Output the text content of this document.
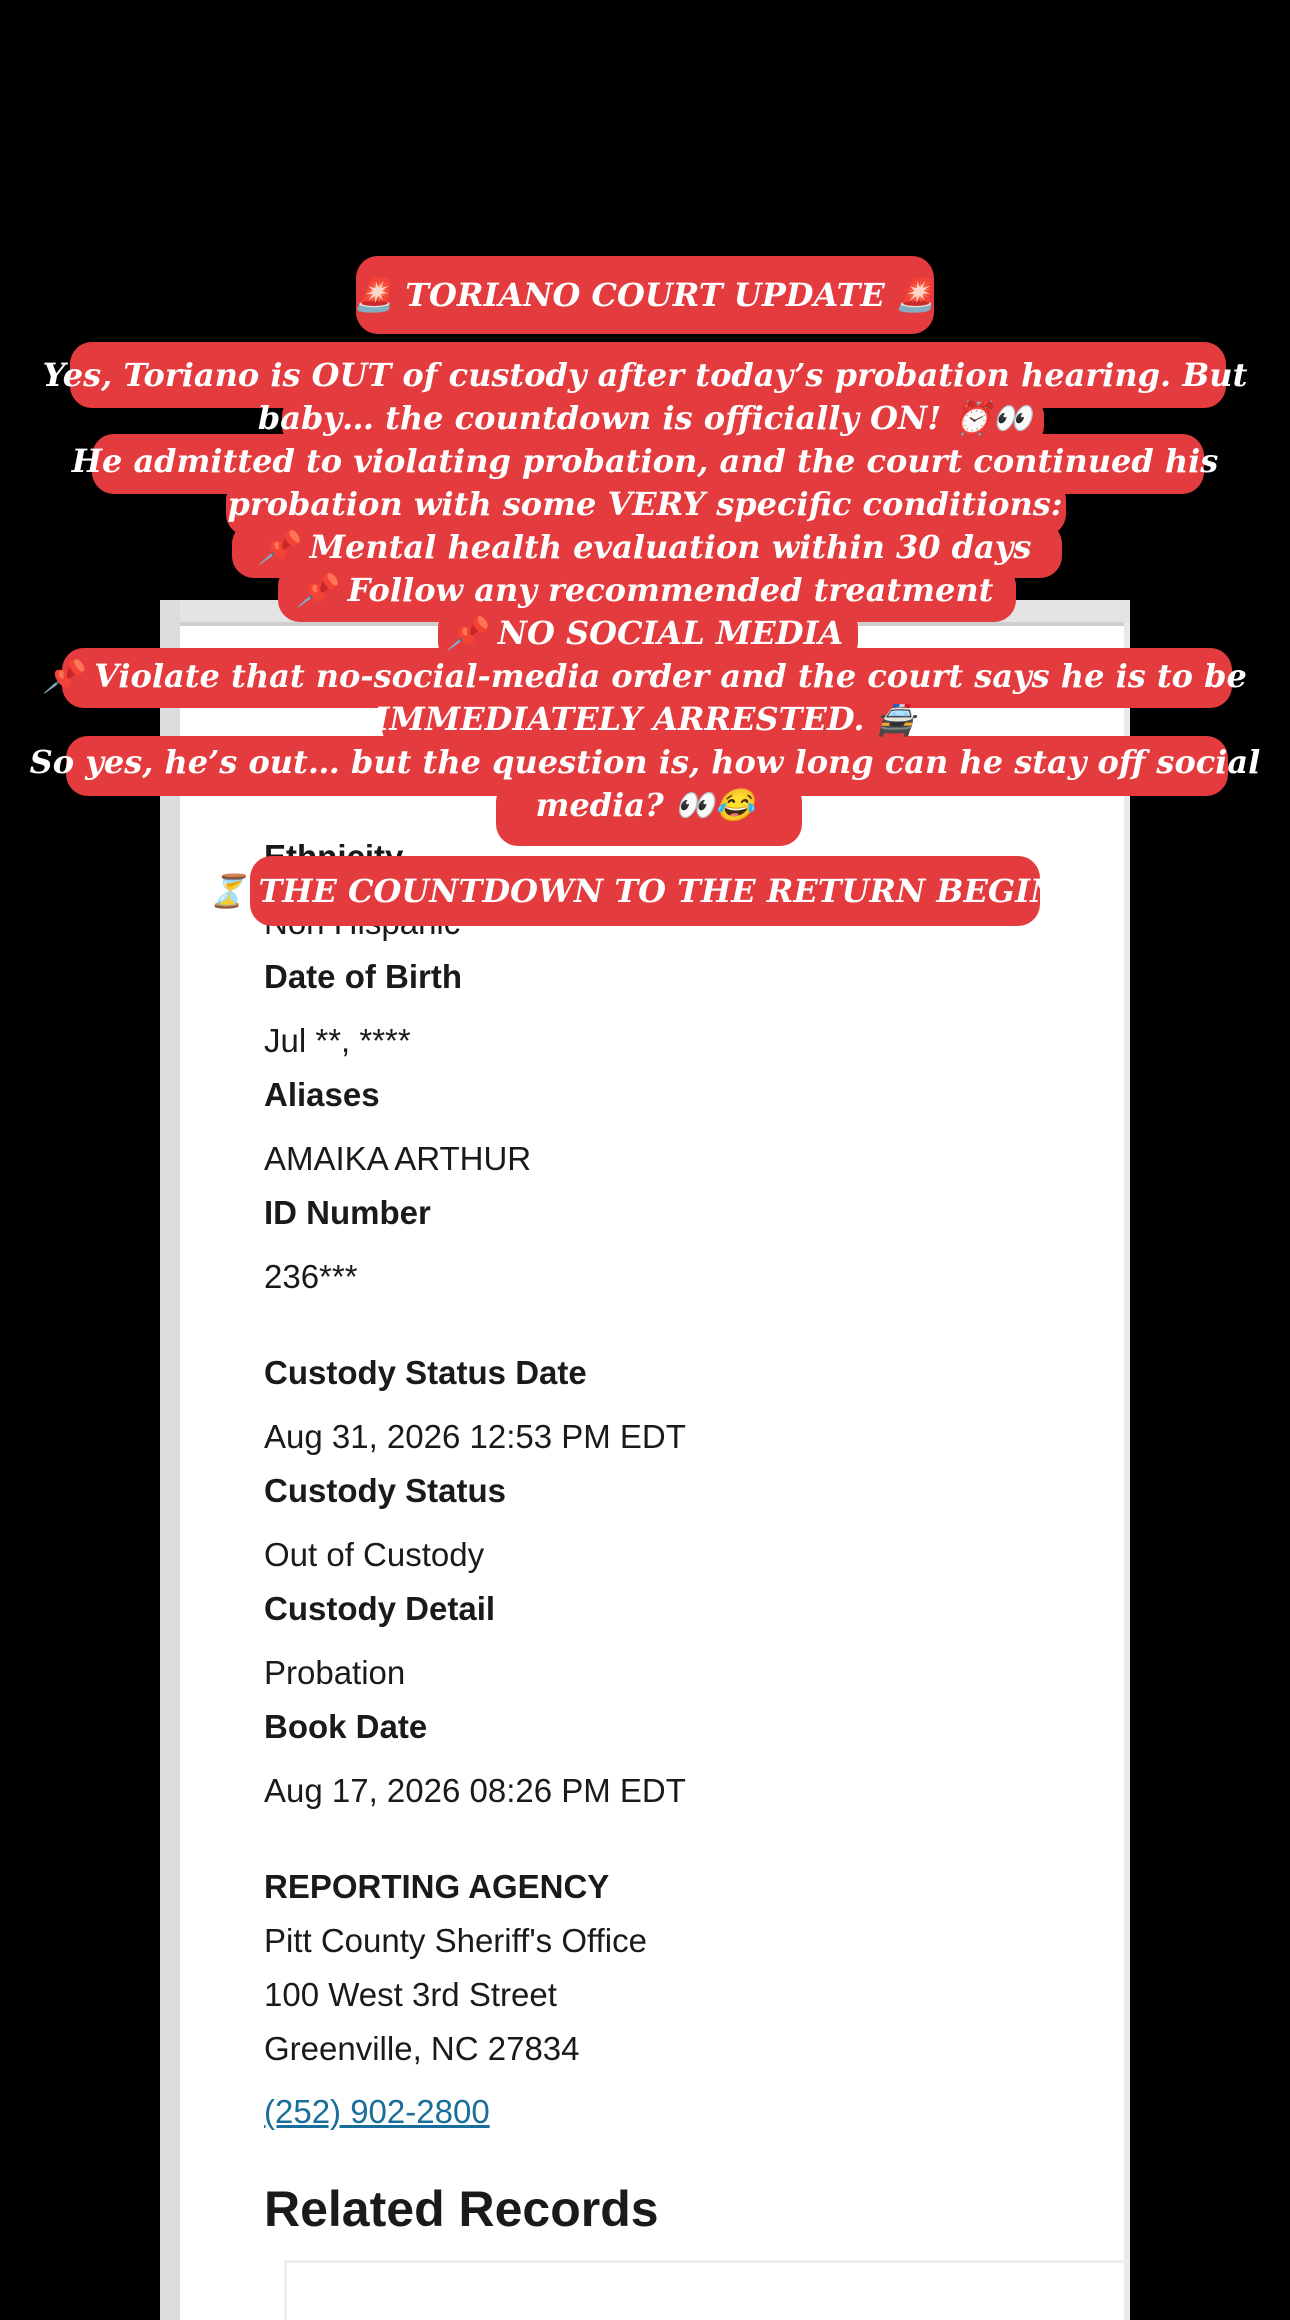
Date of Birth
Jul **, ****
Aliases
AMAIKA ARTHUR
ID Number
236***
Custody Status Date
Aug 31, 2026 12:53 PM EDT
Custody Status
Out of Custody
Custody Detail
Probation
Book Date
Aug 17, 2026 08:26 PM EDT
REPORTING AGENCY
Pitt County Sheriff's Office
100 West 3rd Street
Greenville, NC 27834
(252) 902-2800
Related Records
🚨 TORIANO COURT UPDATE 🚨
Yes, Toriano is OUT of custody after today’s probation hearing. But
baby… the countdown is officially ON! ⏰👀
He admitted to violating probation, and the court continued his
probation with some VERY specific conditions:
📌 Mental health evaluation within 30 days
📌 Follow any recommended treatment
📌 NO SOCIAL MEDIA
📌 Violate that no-social-media order and the court says he is to be
IMMEDIATELY ARRESTED. 🚔
So yes, he’s out… but the question is, how long can he stay off social
media? 👀😂
⏳ THE COUNTDOWN TO THE RETURN BEGINS
